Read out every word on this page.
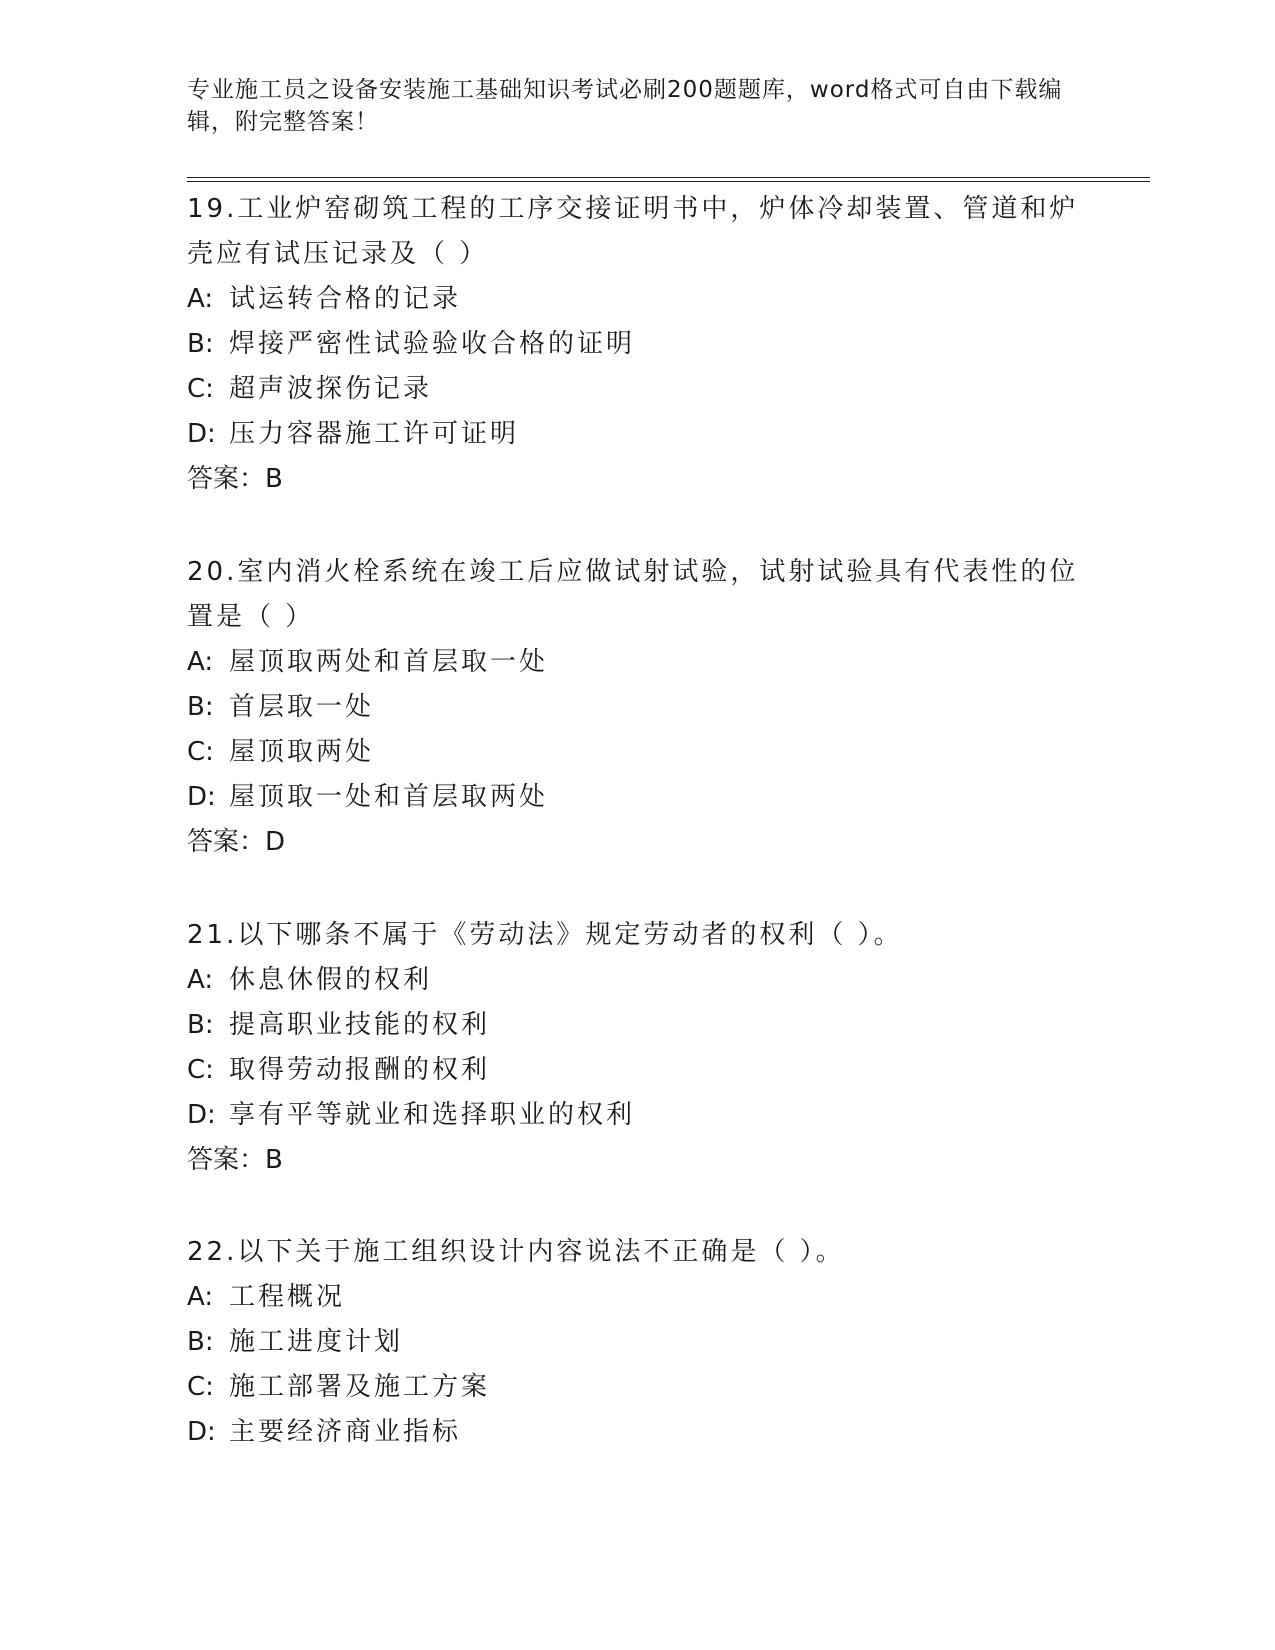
专业施工员之设备安装施工基础知识考试必刷200题题库，word格式可自由下载编辑，附完整答案！

19.工业炉窑砌筑工程的工序交接证明书中，炉体冷却装置、管道和炉壳应有试压记录及（ ）

A: 试运转合格的记录
B: 焊接严密性试验验收合格的证明
C: 超声波探伤记录
D: 压力容器施工许可证明
答案：B

20.室内消火栓系统在竣工后应做试射试验，试射试验具有代表性的位置是（ ）

A: 屋顶取两处和首层取一处
B: 首层取一处
C: 屋顶取两处
D: 屋顶取一处和首层取两处
答案：D

21.以下哪条不属于《劳动法》规定劳动者的权利（ ）。

A: 休息休假的权利
B: 提高职业技能的权利
C: 取得劳动报酬的权利
D: 享有平等就业和选择职业的权利
答案：B

22.以下关于施工组织设计内容说法不正确是（ ）。

A: 工程概况
B: 施工进度计划
C: 施工部署及施工方案
D: 主要经济商业指标
